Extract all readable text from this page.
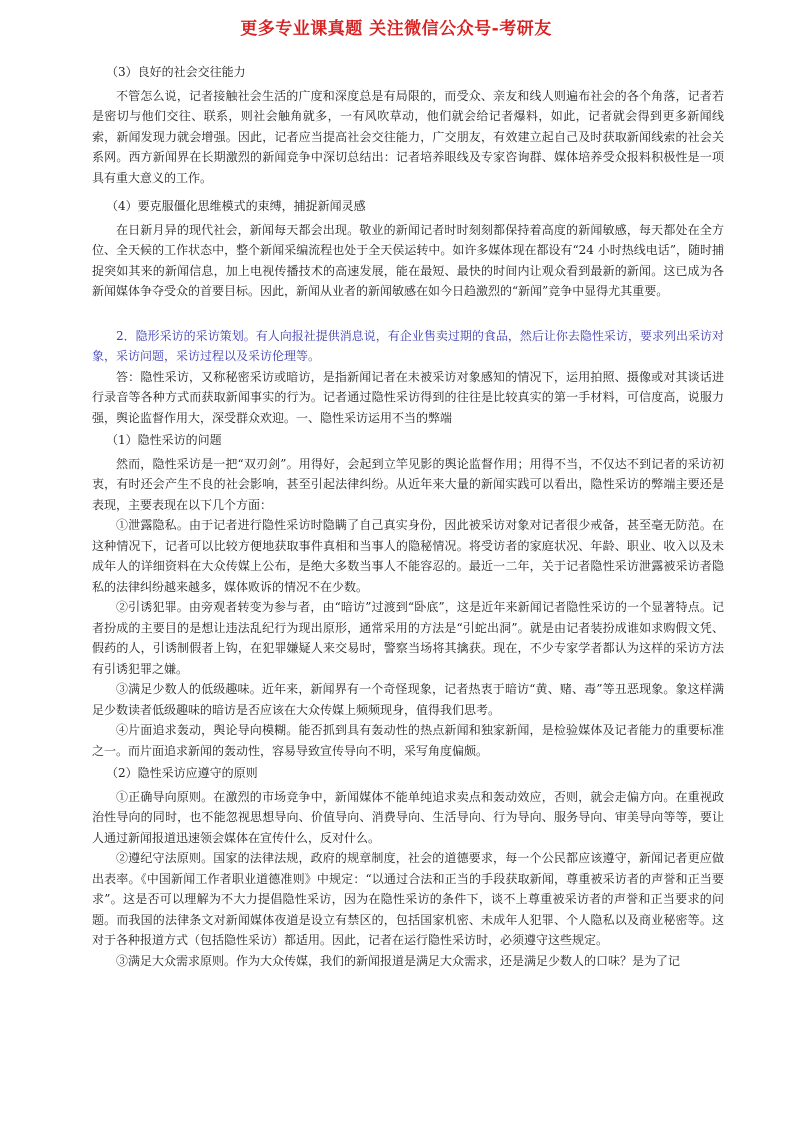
更多专业课真题 关注微信公众号-考研友

（3）良好的社会交往能力

不管怎么说，记者接触社会生活的广度和深度总是有局限的，而受众、亲友和线人则遍布社会的各个角落，记者若是密切与他们交往、联系，则社会触角就多，一有风吹草动，他们就会给记者爆料，如此，记者就会得到更多新闻线索，新闻发现力就会增强。因此，记者应当提高社会交往能力，广交朋友，有效建立起自己及时获取新闻线索的社会关系网。西方新闻界在长期激烈的新闻竞争中深切总结出：记者培养眼线及专家咨询群、媒体培养受众报料积极性是一项具有重大意义的工作。

（4）要克服僵化思维模式的束缚，捕捉新闻灵感

在日新月异的现代社会，新闻每天都会出现。敬业的新闻记者时时刻刻都保持着高度的新闻敏感，每天都处在全方位、全天候的工作状态中，整个新闻采编流程也处于全天侯运转中。如许多媒体现在都设有“24 小时热线电话”，随时捕捉突如其来的新闻信息，加上电视传播技术的高速发展，能在最短、最快的时间内让观众看到最新的新闻。这已成为各新闻媒体争夺受众的首要目标。因此，新闻从业者的新闻敏感在如今日趋激烈的“新闻”竞争中显得尤其重要。

2．隐形采访的采访策划。有人向报社提供消息说，有企业售卖过期的食品，然后让你去隐性采访，要求列出采访对象，采访问题，采访过程以及采访伦理等。

答：隐性采访，又称秘密采访或暗访，是指新闻记者在未被采访对象感知的情况下，运用拍照、摄像或对其谈话进行录音等各种方式而获取新闻事实的行为。记者通过隐性采访得到的往往是比较真实的第一手材料，可信度高，说服力强，舆论监督作用大，深受群众欢迎。一、隐性采访运用不当的弊端

（1）隐性采访的问题

然而，隐性采访是一把“双刃剑”。用得好，会起到立竿见影的舆论监督作用；用得不当，不仅达不到记者的采访初衷，有时还会产生不良的社会影响，甚至引起法律纠纷。从近年来大量的新闻实践可以看出，隐性采访的弊端主要还是表现，主要表现在以下几个方面：

①泄露隐私。由于记者进行隐性采访时隐瞒了自己真实身份，因此被采访对象对记者很少戒备，甚至毫无防范。在这种情况下，记者可以比较方便地获取事件真相和当事人的隐秘情况。将受访者的家庭状况、年龄、职业、收入以及未成年人的详细资料在大众传媒上公布，是绝大多数当事人不能容忍的。最近一二年，关于记者隐性采访泄露被采访者隐私的法律纠纷越来越多，媒体败诉的情况不在少数。

②引诱犯罪。由旁观者转变为参与者，由“暗访”过渡到“卧底”，这是近年来新闻记者隐性采访的一个显著特点。记者扮成的主要目的是想让违法乱纪行为现出原形，通常采用的方法是“引蛇出洞”。就是由记者装扮成谁如求购假文凭、假药的人，引诱制假者上钩，在犯罪嫌疑人来交易时，警察当场将其擒获。现在，不少专家学者都认为这样的采访方法有引诱犯罪之嫌。

③满足少数人的低级趣味。近年来，新闻界有一个奇怪现象，记者热衷于暗访“黄、赌、毒”等丑恶现象。象这样满足少数读者低级趣味的暗访是否应该在大众传媒上频频现身，值得我们思考。

④片面追求轰动，舆论导向模糊。能否抓到具有轰动性的热点新闻和独家新闻，是检验媒体及记者能力的重要标准之一。而片面追求新闻的轰动性，容易导致宣传导向不明，采写角度偏颇。

（2）隐性采访应遵守的原则

①正确导向原则。在激烈的市场竞争中，新闻媒体不能单纯追求卖点和轰动效应，否则，就会走偏方向。在重视政治性导向的同时，也不能忽视思想导向、价值导向、消费导向、生活导向、行为导向、服务导向、审美导向等等，要让人通过新闻报道迅速领会媒体在宣传什么，反对什么。

②遵纪守法原则。国家的法律法规，政府的规章制度，社会的道德要求，每一个公民都应该遵守，新闻记者更应做出表率。《中国新闻工作者职业道德准则》中规定：“以通过合法和正当的手段获取新闻，尊重被采访者的声誉和正当要求”。这是否可以理解为不大力提倡隐性采访，因为在隐性采访的条件下，谈不上尊重被采访者的声誉和正当要求的问题。而我国的法律条文对新闻媒体夜道是设立有禁区的，包括国家机密、未成年人犯罪、个人隐私以及商业秘密等。这对于各种报道方式（包括隐性采访）都适用。因此，记者在运行隐性采访时，必须遵守这些规定。

③满足大众需求原则。作为大众传媒，我们的新闻报道是满足大众需求，还是满足少数人的口味？是为了记
